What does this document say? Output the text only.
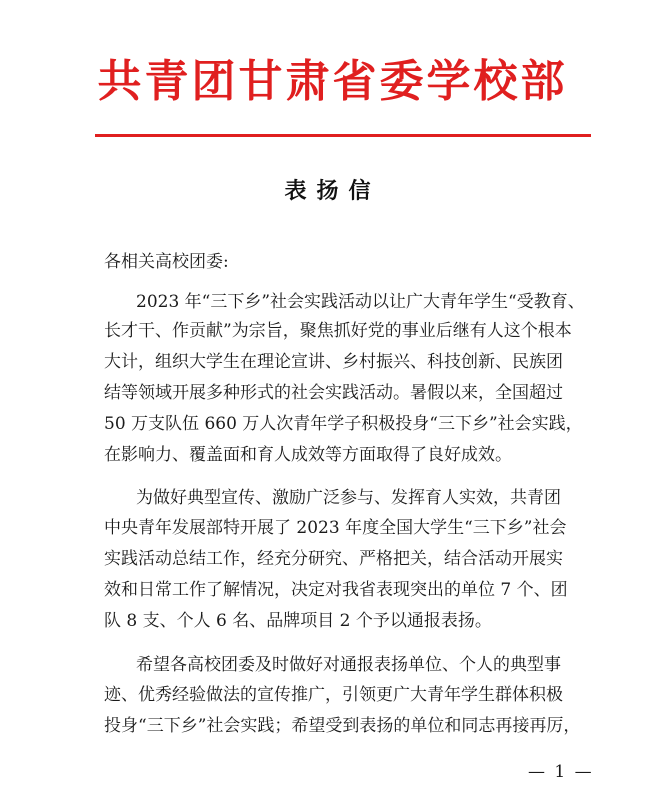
共青团甘肃省委学校部
表扬信
各相关高校团委:
2023 年“三下乡”社会实践活动以让广大青年学生“受教育、
长才干、作贡献”为宗旨，聚焦抓好党的事业后继有人这个根本
大计，组织大学生在理论宣讲、乡村振兴、科技创新、民族团
结等领域开展多种形式的社会实践活动。暑假以来，全国超过
50 万支队伍 660 万人次青年学子积极投身“三下乡”社会实践，
在影响力、覆盖面和育人成效等方面取得了良好成效。
为做好典型宣传、激励广泛参与、发挥育人实效，共青团
中央青年发展部特开展了 2023 年度全国大学生“三下乡”社会
实践活动总结工作，经充分研究、严格把关，结合活动开展实
效和日常工作了解情况，决定对我省表现突出的单位 7 个、团
队 8 支、个人 6 名、品牌项目 2 个予以通报表扬。
希望各高校团委及时做好对通报表扬单位、个人的典型事
迹、优秀经验做法的宣传推广，引领更广大青年学生群体积极
投身“三下乡”社会实践；希望受到表扬的单位和同志再接再厉，
— 1 —
